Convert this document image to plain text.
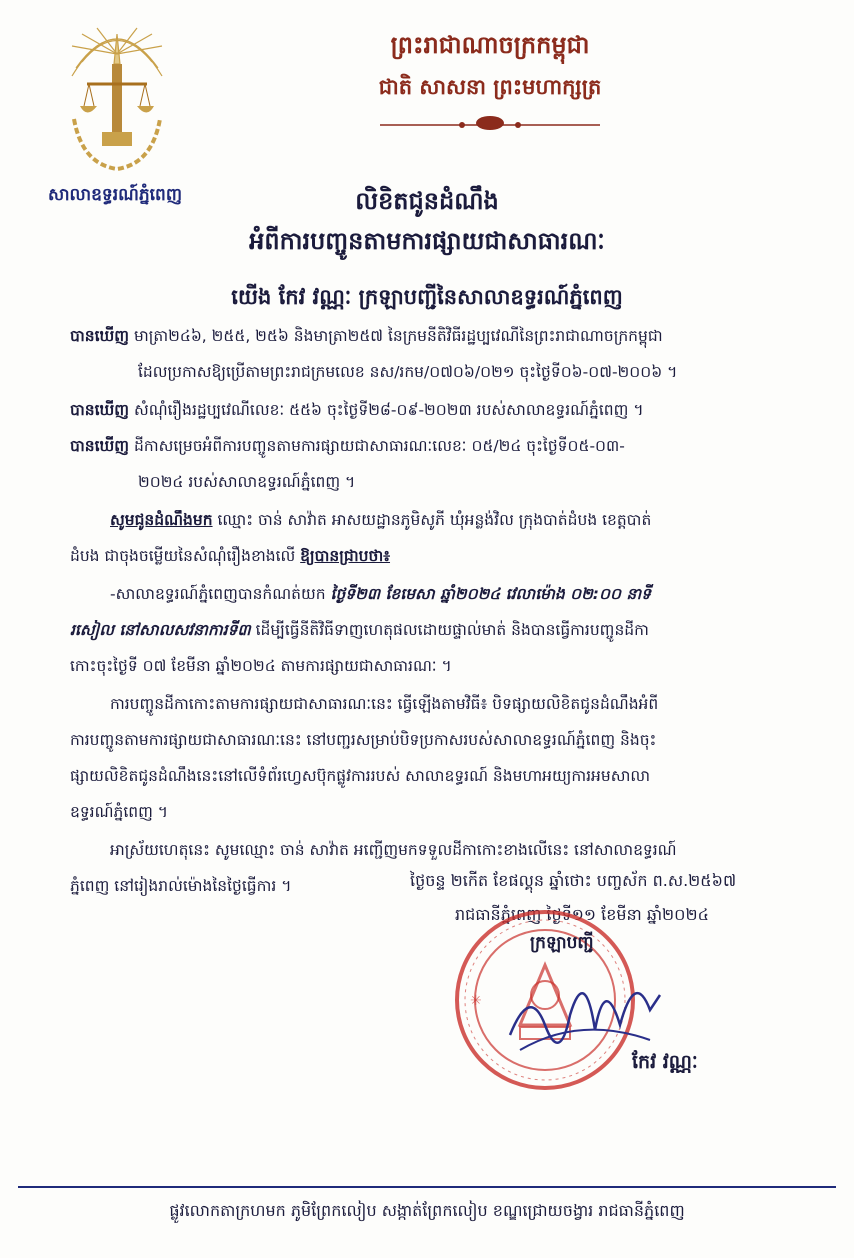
សាលាឧទ្ធរណ៍ភ្នំពេញ
ព្រះរាជាណាចក្រកម្ពុជា
ជាតិ សាសនា ព្រះមហាក្សត្រ
លិខិតជូនដំណឹង
អំពីការបញ្ចូនតាមការផ្សាយជាសាធារណៈ
យើង កែវ វណ្ណៈ ក្រឡាបញ្ជីនៃសាលាឧទ្ធរណ៍ភ្នំពេញ
បានឃើញ មាត្រា២៤៦, ២៥៥, ២៥៦ និងមាត្រា២៥៧ នៃក្រមនីតិវិធីរដ្ឋប្បវេណីនៃព្រះរាជាណាចក្រកម្ពុជា
ដែលប្រកាសឱ្យប្រើតាមព្រះរាជក្រមលេខ នស/រកម/០៧០៦/០២១ ចុះថ្ងៃទី០៦-០៧-២០០៦ ។
បានឃើញ សំណុំរឿងរដ្ឋប្បវេណីលេខៈ ៥៥៦ ចុះថ្ងៃទី២៨-០៩-២០២៣ របស់សាលាឧទ្ធរណ៍ភ្នំពេញ ។
បានឃើញ ដីកាសម្រេចអំពីការបញ្ចូនតាមការផ្សាយជាសាធារណៈលេខៈ ០៥/២៤ ចុះថ្ងៃទី០៥-០៣-
២០២៤ របស់សាលាឧទ្ធរណ៍ភ្នំពេញ ។
សូមជូនដំណឹងមក ឈ្មោះ ចាន់ សាវ៉ាត អាសយដ្ឋានភូមិសូភី ឃុំអន្លង់វិល ក្រុងបាត់ដំបង ខេត្តបាត់
ដំបង ជាចុងចម្លើយនៃសំណុំរឿងខាងលើ ឱ្យបានជ្រាបថា៖
-សាលាឧទ្ធរណ៍ភ្នំពេញបានកំណត់យក ថ្ងៃទី២៣ ខែមេសា ឆ្នាំ២០២៤ វេលាម៉ោង ០២:០០ នាទី
រសៀល នៅសាលសវនាការទី៣ ដើម្បីធ្វើនីតិវិធីទាញហេតុផលដោយផ្ទាល់មាត់ និងបានធ្វើការបញ្ចូនដីកា
កោះចុះថ្ងៃទី ០៧ ខែមីនា ឆ្នាំ២០២៤ តាមការផ្សាយជាសាធារណៈ ។
ការបញ្ចូនដីកាកោះតាមការផ្សាយជាសាធារណៈនេះ ធ្វើឡើងតាមវិធី៖ បិទផ្សាយលិខិតជូនដំណឹងអំពី
ការបញ្ចូនតាមការផ្សាយជាសាធារណៈនេះ នៅបញ្ជរសម្រាប់បិទប្រកាសរបស់សាលាឧទ្ធរណ៍ភ្នំពេញ និងចុះ
ផ្សាយលិខិតជូនដំណឹងនេះនៅលើទំព័រហ្វេសប៊ុកផ្លូវការរបស់ សាលាឧទ្ធរណ៍ និងមហាអយ្យការអមសាលា
ឧទ្ធរណ៍ភ្នំពេញ ។
អាស្រ័យហេតុនេះ សូមឈ្មោះ ចាន់ សាវ៉ាត អញ្ជើញមកទទួលដីកាកោះខាងលើនេះ នៅសាលាឧទ្ធរណ៍
ភ្នំពេញ នៅរៀងរាល់ម៉ោងនៃថ្ងៃធ្វើការ ។	ថ្ងៃចន្ទ ២កើត ខែផល្គុន ឆ្នាំថោះ បញ្ចស័ក ព.ស.២៥៦៧
រាជធានីភ្នំពេញ ថ្ងៃទី១១ ខែមីនា ឆ្នាំ២០២៤
✳
ក្រឡាបញ្ជី
កែវ វណ្ណៈ
ផ្លូវលោកតាក្រហមក ភូមិព្រែកលៀប សង្កាត់ព្រែកលៀប ខណ្ឌជ្រោយចង្វារ រាជធានីភ្នំពេញ
